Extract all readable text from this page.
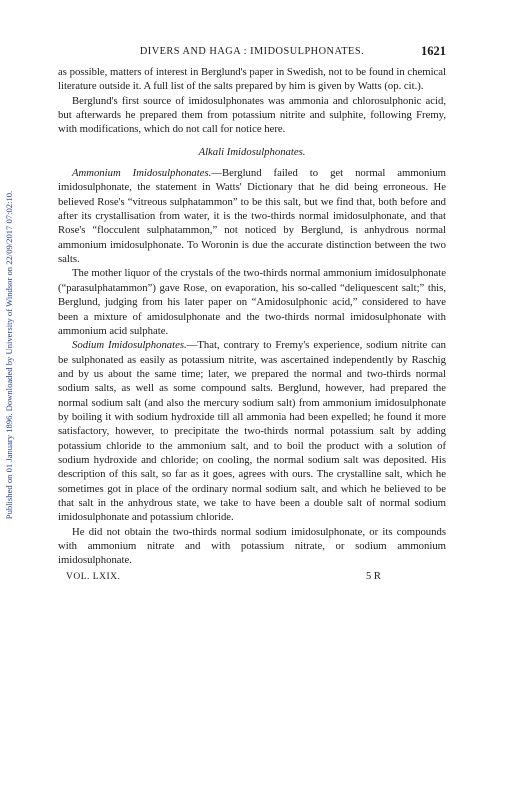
Published on 01 January 1896. Downloaded by University of Windsor on 22/09/2017 07:02:10.
DIVERS AND HAGA : IMIDOSULPHONATES.	1621

as possible, matters of interest in Berglund's paper in Swedish, not to be found in chemical literature outside it. A full list of the salts prepared by him is given by Watts (op. cit.).

Berglund's first source of imidosulphonates was ammonia and chlorosulphonic acid, but afterwards he prepared them from potassium nitrite and sulphite, following Fremy, with modifications, which do not call for notice here.

Alkali Imidosulphonates.

Ammonium Imidosulphonates.—Berglund failed to get normal ammonium imidosulphonate, the statement in Watts' Dictionary that he did being erroneous. He believed Rose's “vitreous sulphatammon” to be this salt, but we find that, both before and after its crystallisation from water, it is the two-thirds normal imidosulphonate, and that Rose's “flocculent sulphatammon,” not noticed by Berglund, is anhydrous normal ammonium imidosulphonate. To Woronin is due the accurate distinction between the two salts.

The mother liquor of the crystals of the two-thirds normal ammonium imidosulphonate (“parasulphatammon”) gave Rose, on evaporation, his so-called “deliquescent salt;” this, Berglund, judging from his later paper on “Amidosulphonic acid,” considered to have been a mixture of amidosulphonate and the two-thirds normal imidosulphonate with ammonium acid sulphate.

Sodium Imidosulphonates.—That, contrary to Fremy's experience, sodium nitrite can be sulphonated as easily as potassium nitrite, was ascertained independently by Raschig and by us about the same time; later, we prepared the normal and two-thirds normal sodium salts, as well as some compound salts. Berglund, however, had prepared the normal sodium salt (and also the mercury sodium salt) from ammonium imidosulphonate by boiling it with sodium hydroxide till all ammonia had been expelled; he found it more satisfactory, however, to precipitate the two-thirds normal potassium salt by adding potassium chloride to the ammonium salt, and to boil the product with a solution of sodium hydroxide and chloride; on cooling, the normal sodium salt was deposited. His description of this salt, so far as it goes, agrees with ours. The crystalline salt, which he sometimes got in place of the ordinary normal sodium salt, and which he believed to be that salt in the anhydrous state, we take to have been a double salt of normal sodium imidosulphonate and potassium chloride.

He did not obtain the two-thirds normal sodium imidosulphonate, or its compounds with ammonium nitrate and with potassium nitrate, or sodium ammonium imidosulphonate.

VOL. LXIX.	5 R
